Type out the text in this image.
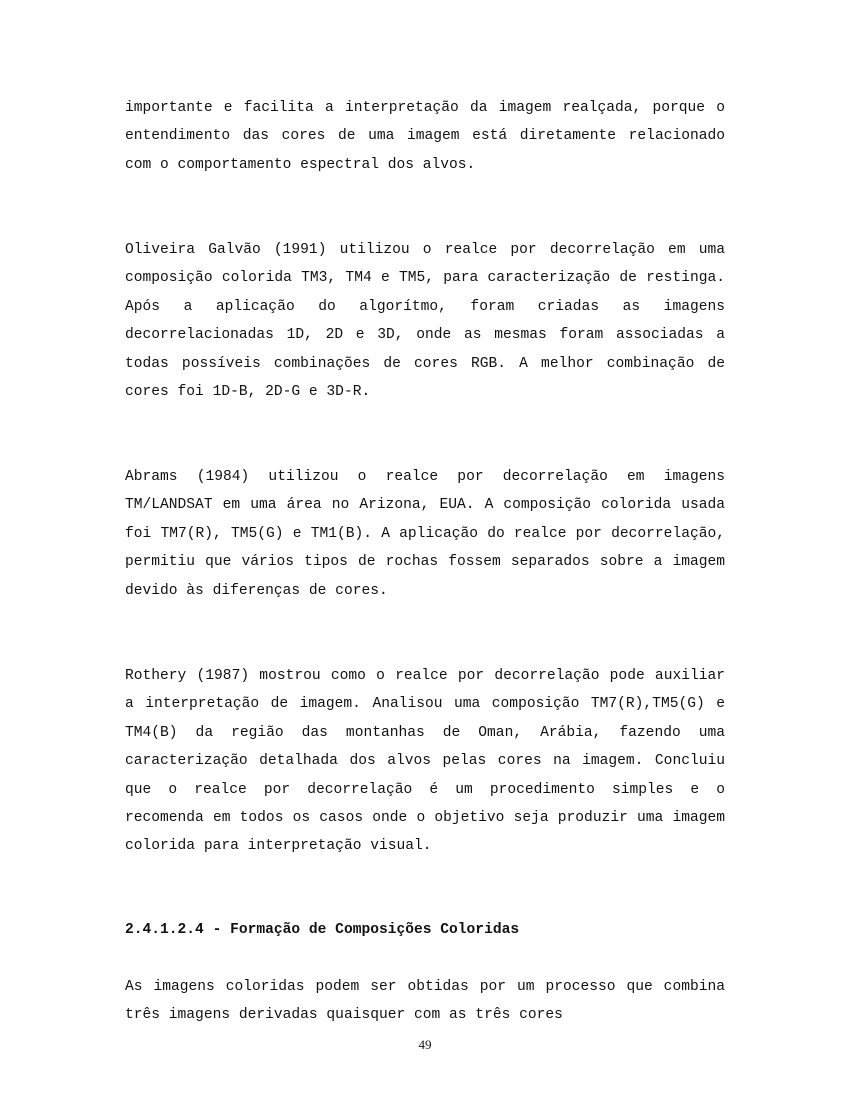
importante e facilita a interpretação da imagem realçada, porque o entendimento das cores de uma imagem está diretamente relacionado com o comportamento espectral dos alvos.

Oliveira Galvão (1991) utilizou o realce por decorrelação em uma composição colorida TM3, TM4 e TM5, para caracterização de restinga. Após a aplicação do algorítmo, foram criadas as imagens decorrelacionadas 1D, 2D e 3D, onde as mesmas foram associadas a todas possíveis combinações de cores RGB. A melhor combinação de cores foi 1D-B, 2D-G e 3D-R.

Abrams (1984) utilizou o realce por decorrelação em imagens TM/LANDSAT em uma área no Arizona, EUA. A composição colorida usada foi TM7(R), TM5(G) e TM1(B). A aplicação do realce por decorrelação, permitiu que vários tipos de rochas fossem separados sobre a imagem devido às diferenças de cores.

Rothery (1987) mostrou como o realce por decorrelação pode auxiliar a interpretação de imagem. Analisou uma composição TM7(R),TM5(G) e TM4(B) da região das montanhas de Oman, Arábia, fazendo uma caracterização detalhada dos alvos pelas cores na imagem. Concluiu que o realce por decorrelação é um procedimento simples e o recomenda em todos os casos onde o objetivo seja produzir uma imagem colorida para interpretação visual.

2.4.1.2.4 - Formação de Composições Coloridas

As imagens coloridas podem ser obtidas por um processo que combina três imagens derivadas quaisquer com as três cores

49
